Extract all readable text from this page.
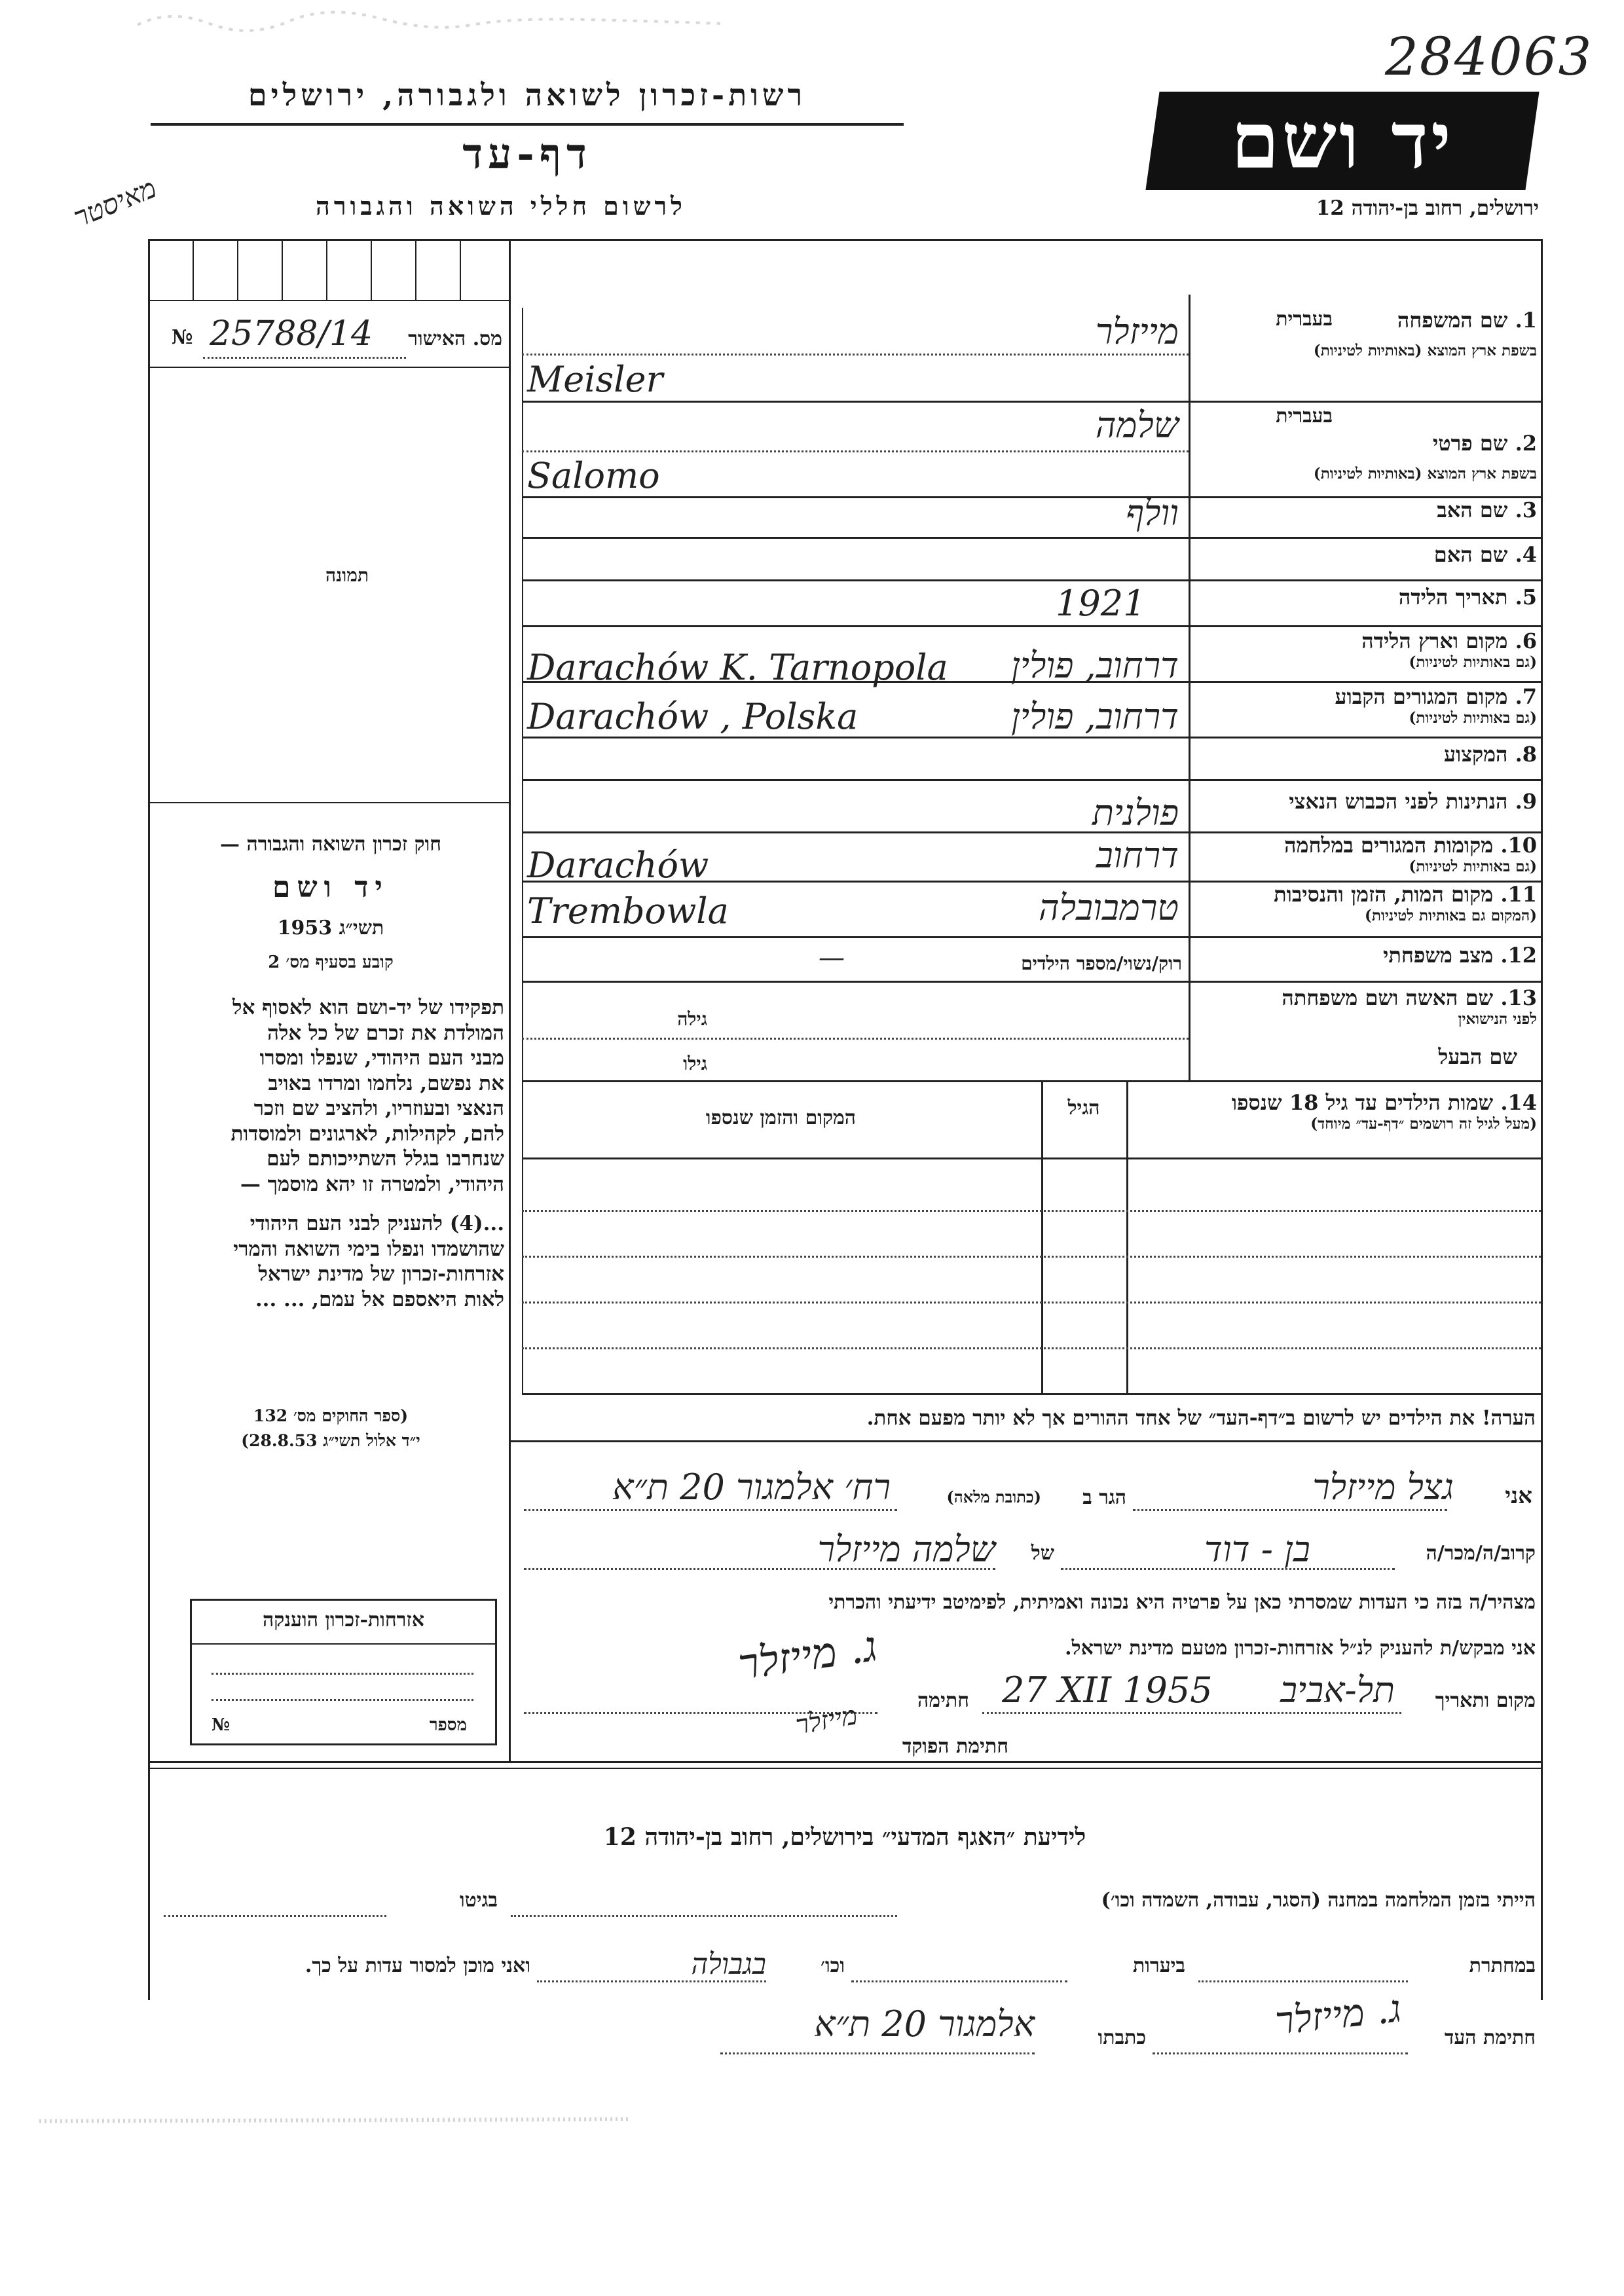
284063
רשות-זכרון לשואה ולגבורה, ירושלים
דף-עד
לרשום חללי השואה והגבורה
יד ושם
ירושלים, רחוב בן-יהודה 12
מאיסטר
№ 25788/14	מס. האישור
תמונה
חוק זכרון השואה והגבורה —
יד ושם
תשי״ג 1953
קובע בסעיף מס׳ 2
תפקידו של יד-ושם הוא לאסוף אל
המולדת את זכרם של כל אלה
מבני העם היהודי, שנפלו ומסרו
את נפשם, נלחמו ומרדו באויב
הנאצי ובעוזריו, ולהציב שם וזכר
להם, לקהילות, לארגונים ולמוסדות
שנחרבו בגלל השתייכותם לעם
היהודי, ולמטרה זו יהא מוסמך —
...(4) להעניק לבני העם היהודי
שהושמדו ונפלו בימי השואה והמרי
אזרחות-זכרון של מדינת ישראל
לאות היאספם אל עמם, ... ...
(ספר החוקים מס׳ 132
י״ד אלול תשי״ג 28.8.53)
אזרחות-זכרון הוענקה
№	מספר
1. שם המשפחה
בשפת ארץ המוצא (באותיות לטיניות)
בעברית
מייזלר
Meisler
2. שם פרטי
בשפת ארץ המוצא (באותיות לטיניות)
בעברית
שלמה
Salomo
3. שם האב
וולף
4. שם האם
5. תאריך הלידה
1921
6. מקום וארץ הלידה
(גם באותיות לטיניות)
Darachów K. Tarnopola	דרחוב, פולין
7. מקום המגורים הקבוע
(גם באותיות לטיניות)
Darachów , Polska	דרחוב, פולין
8. המקצוע
9. הנתינות לפני הכבוש הנאצי
פולנית
10. מקומות המגורים במלחמה
(גם באותיות לטיניות)
Darachów	דרחוב
11. מקום המות, הזמן והנסיבות
(המקום גם באותיות לטיניות)
Trembowla	טרמבובלה
12. מצב משפחתי
רוק/נשוי/מספר הילדים
—
13. שם האשה ושם משפחתה
לפני הנישואין
גילה
שם הבעל
גילו
14. שמות הילדים עד גיל 18 שנספו
(מעל לגיל זה רושמים ״דף-עד״ מיוחד)
הגיל
המקום והזמן שנספו
הערה! את הילדים יש לרשום ב״דף-העד״ של אחד ההורים אך לא יותר מפעם אחת.
אני
גצל מייזלר
הגר ב
(כתובת מלאה)
רח׳ אלמגור 20 ת״א
קרוב/ה/מכר/ה
בן - דוד
של
שלמה מייזלר
מצהיר/ה בזה כי העדות שמסרתי כאן על פרטיה היא נכונה ואמיתית, לפימיטב ידיעתי והכרתי
אני מבקש/ת להעניק לנ״ל אזרחות-זכרון מטעם מדינת ישראל.
מקום ותאריך
תל-אביב
27 XII 1955
חתימה
ג. מייזלר
חתימת הפוקד
מייזלר
לידיעת ״האגף המדעי״ בירושלים, רחוב בן-יהודה 12
הייתי בזמן המלחמה במחנה (הסגר, עבודה, השמדה וכו׳)
בגיטו
במחתרת
ביערות
וכו׳
בגבולה
ואני מוכן למסור עדות על כך.
חתימת העד
ג. מייזלר
כתבתו
אלמגור 20 ת״א
